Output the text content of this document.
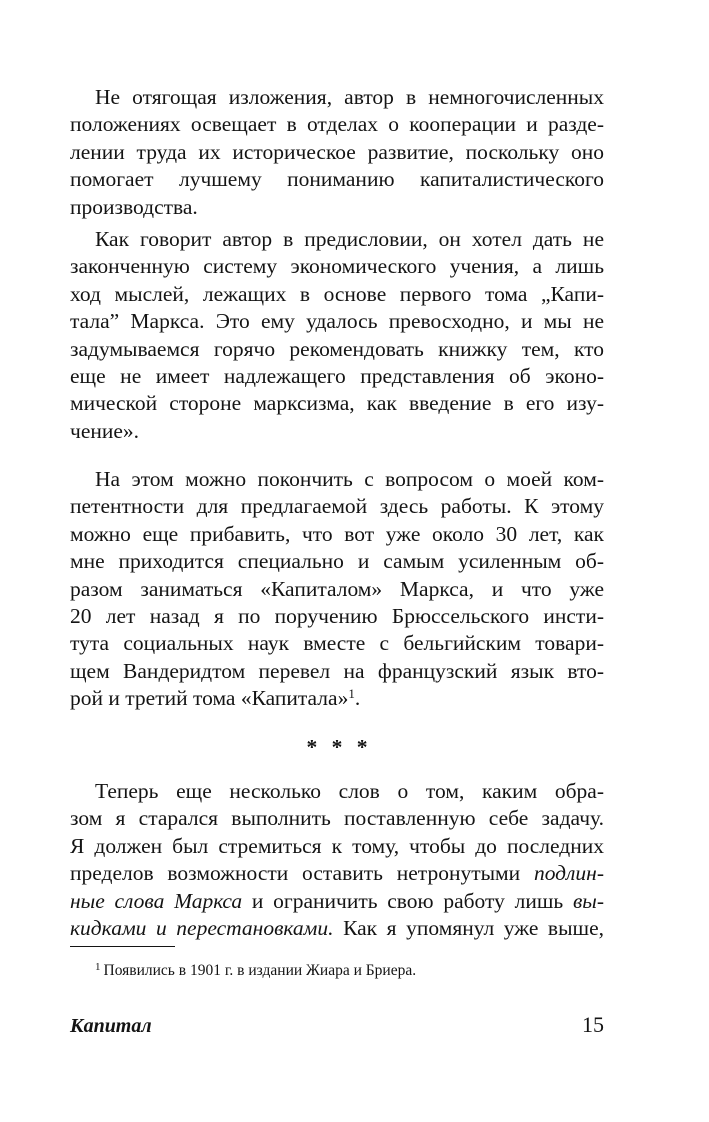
Не отягощая изложения, автор в немногочисленных
положениях освещает в отделах о кооперации и разде-
лении труда их историческое развитие, поскольку оно
помогает лучшему пониманию капиталистического
производства.
Как говорит автор в предисловии, он хотел дать не
законченную систему экономического учения, а лишь
ход мыслей, лежащих в основе первого тома „Капи-
тала” Маркса. Это ему удалось превосходно, и мы не
задумываемся горячо рекомендовать книжку тем, кто
еще не имеет надлежащего представления об эконо-
мической стороне марксизма, как введение в его изу-
чение».
На этом можно покончить с вопросом о моей ком-
петентности для предлагаемой здесь работы. К этому
можно еще прибавить, что вот уже около 30 лет, как
мне приходится специально и самым усиленным об-
разом заниматься «Капиталом» Маркса, и что уже
20 лет назад я по поручению Брюссельского инсти-
тута социальных наук вместе с бельгийским товари-
щем Вандеридтом перевел на французский язык вто-
рой и третий тома «Капитала»$^1$.
* * *
Теперь еще несколько слов о том, каким обра-
зом я старался выполнить поставленную себе задачу.
Я должен был стремиться к тому, чтобы до последних
пределов возможности оставить нетронутыми подлин-
ные слова Маркса и ограничить свою работу лишь вы-
кидками и перестановками. Как я упомянул уже выше,
$^1$ Появились в 1901 г. в издании Жиара и Бриера.
Капитал	15
